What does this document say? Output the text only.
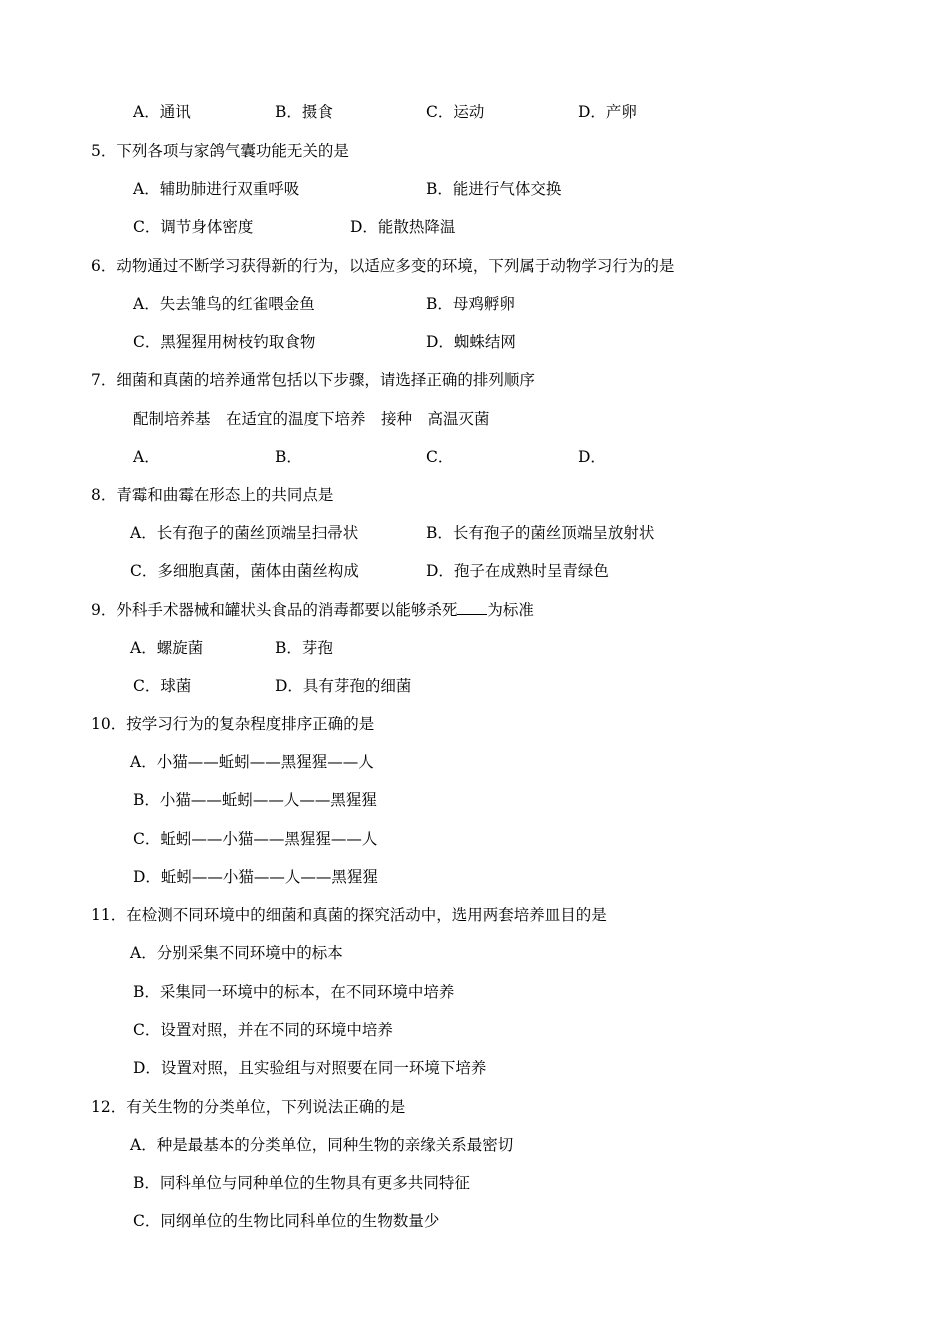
A．通讯	B．摄食	C．运动	D．产卵
5．下列各项与家鸽气囊功能无关的是
A．辅助肺进行双重呼吸	B．能进行气体交换
C．调节身体密度	D．能散热降温
6．动物通过不断学习获得新的行为，以适应多变的环境，下列属于动物学习行为的是
A．失去雏鸟的红雀喂金鱼	B．母鸡孵卵
C．黑猩猩用树枝钓取食物	D．蜘蛛结网
7．细菌和真菌的培养通常包括以下步骤，请选择正确的排列顺序
配制培养基　在适宜的温度下培养　接种　高温灭菌
A．	B．	C．	D．
8．青霉和曲霉在形态上的共同点是
A．长有孢子的菌丝顶端呈扫帚状	B．长有孢子的菌丝顶端呈放射状
C．多细胞真菌，菌体由菌丝构成	D．孢子在成熟时呈青绿色
9．外科手术器械和罐状头食品的消毒都要以能够杀死 为标准
A．螺旋菌	B．芽孢
C．球菌	D．具有芽孢的细菌
10．按学习行为的复杂程度排序正确的是
A．小猫——蚯蚓——黑猩猩——人
B．小猫——蚯蚓——人——黑猩猩
C．蚯蚓——小猫——黑猩猩——人
D．蚯蚓——小猫——人——黑猩猩
11．在检测不同环境中的细菌和真菌的探究活动中，选用两套培养皿目的是
A．分别采集不同环境中的标本
B．采集同一环境中的标本，在不同环境中培养
C．设置对照，并在不同的环境中培养
D．设置对照，且实验组与对照要在同一环境下培养
12．有关生物的分类单位，下列说法正确的是
A．种是最基本的分类单位，同种生物的亲缘关系最密切
B．同科单位与同种单位的生物具有更多共同特征
C．同纲单位的生物比同科单位的生物数量少
